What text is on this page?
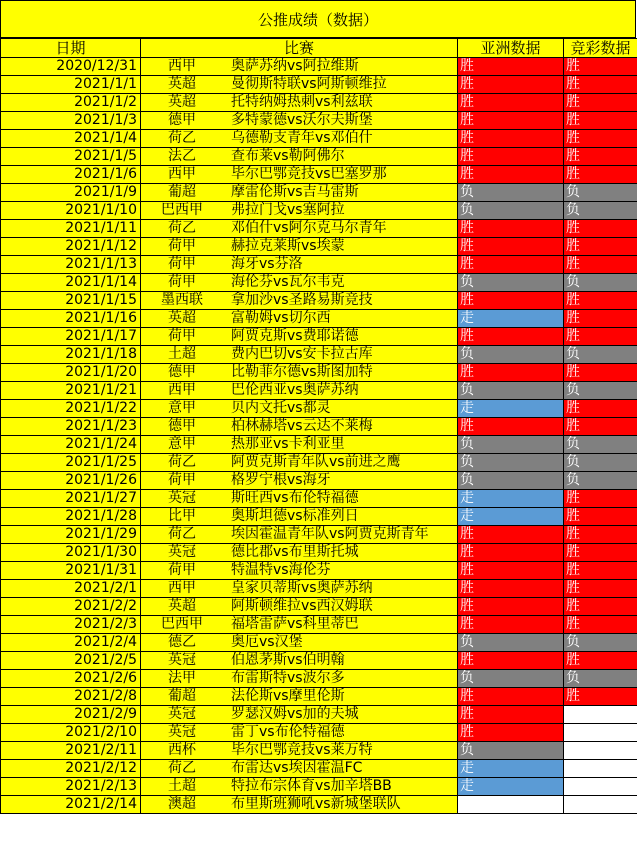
公推成绩（数据）
日期	比赛	亚洲数据	竞彩数据
2020/12/31	西甲 奥萨苏纳vs阿拉维斯	胜	胜
2021/1/1	英超 曼彻斯特联vs阿斯顿维拉	胜	胜
2021/1/2	英超 托特纳姆热刺vs利兹联	胜	胜
2021/1/3	德甲 多特蒙德vs沃尔夫斯堡	胜	胜
2021/1/4	荷乙 乌德勒支青年vs邓伯什	胜	胜
2021/1/5	法乙 查布莱vs勒阿佛尔	胜	胜
2021/1/6	西甲 毕尔巴鄂竞技vs巴塞罗那	胜	胜
2021/1/9	葡超 摩雷伦斯vs吉马雷斯	负	负
2021/1/10	巴西甲 弗拉门戈vs塞阿拉	负	负
2021/1/11	荷乙 邓伯什vs阿尔克马尔青年	胜	胜
2021/1/12	荷甲 赫拉克莱斯vs埃蒙	胜	胜
2021/1/13	荷甲 海牙vs芬洛	胜	胜
2021/1/14	荷甲 海伦芬vs瓦尔韦克	负	负
2021/1/15	墨西联 拿加沙vs圣路易斯竞技	胜	胜
2021/1/16	英超 富勒姆vs切尔西	走	胜
2021/1/17	荷甲 阿贾克斯vs费耶诺德	胜	胜
2021/1/18	土超 费内巴切vs安卡拉古库	负	负
2021/1/20	德甲 比勒菲尔德vs斯图加特	胜	胜
2021/1/21	西甲 巴伦西亚vs奥萨苏纳	负	负
2021/1/22	意甲 贝内文托vs都灵	走	胜
2021/1/23	德甲 柏林赫塔vs云达不莱梅	胜	胜
2021/1/24	意甲 热那亚vs卡利亚里	负	负
2021/1/25	荷乙 阿贾克斯青年队vs前进之鹰	负	负
2021/1/26	荷甲 格罗宁根vs海牙	负	负
2021/1/27	英冠 斯旺西vs布伦特福德	走	胜
2021/1/28	比甲 奥斯坦德vs标准列日	走	胜
2021/1/29	荷乙 埃因霍温青年队vs阿贾克斯青年	胜	胜
2021/1/30	英冠 德比郡vs布里斯托城	胜	胜
2021/1/31	荷甲 特温特vs海伦芬	胜	胜
2021/2/1	西甲 皇家贝蒂斯vs奥萨苏纳	胜	胜
2021/2/2	英超 阿斯顿维拉vs西汉姆联	胜	胜
2021/2/3	巴西甲 福塔雷萨vs科里蒂巴	胜	胜
2021/2/4	德乙 奥厄vs汉堡	负	负
2021/2/5	英冠 伯恩茅斯vs伯明翰	胜	胜
2021/2/6	法甲 布雷斯特vs波尔多	负	负
2021/2/8	葡超 法伦斯vs摩里伦斯	胜	胜
2021/2/9	英冠 罗瑟汉姆vs加的夫城	胜	
2021/2/10	英冠 雷丁vs布伦特福德	胜	
2021/2/11	西杯 毕尔巴鄂竞技vs莱万特	负	
2021/2/12	荷乙 布雷达vs埃因霍温FC	走	
2021/2/13	土超 特拉布宗体育vs加辛塔BB	走	
2021/2/14	澳超 布里斯班狮吼vs新城堡联队		
